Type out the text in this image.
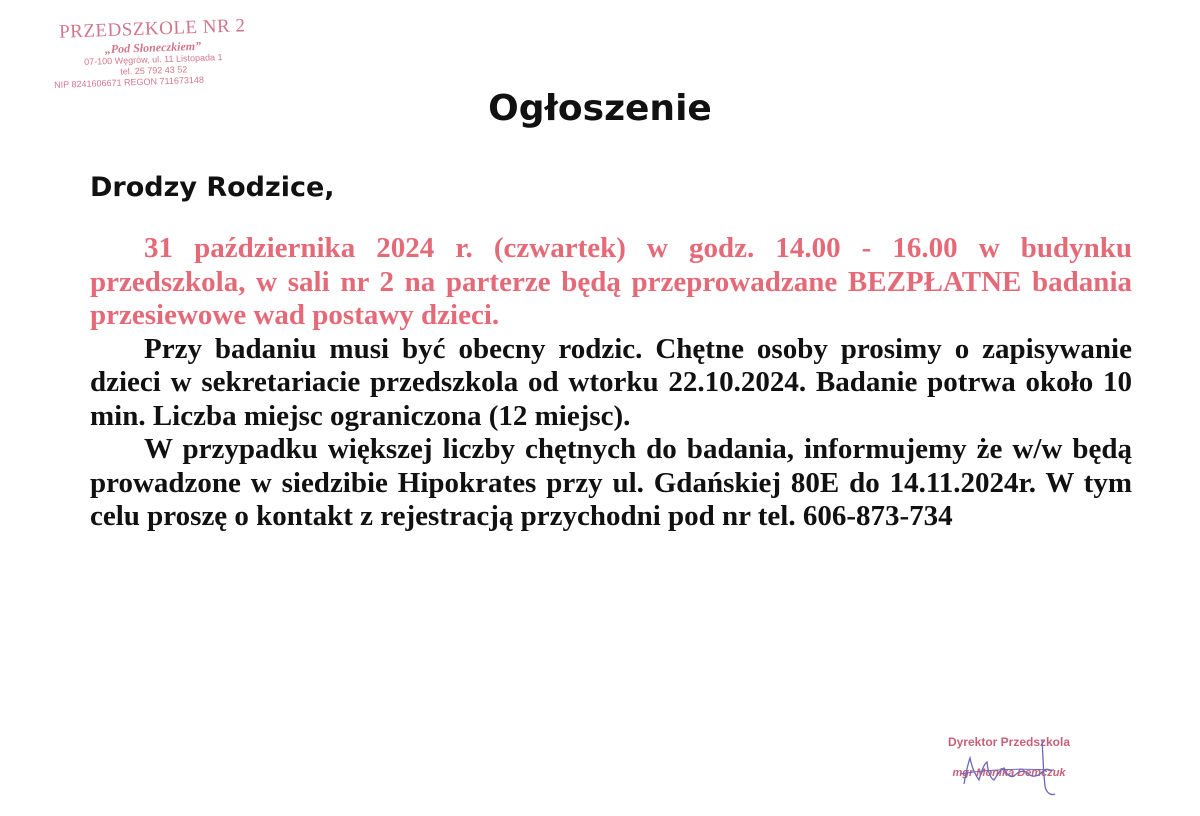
PRZEDSZKOLE NR 2
„Pod Słoneczkiem”
07-100 Węgrów, ul. 11 Listopada 1
tel. 25 792 43 52
NIP 8241606671 REGON 711673148
Ogłoszenie
Drodzy Rodzice,

31 października 2024 r. (czwartek) w godz. 14.00 - 16.00 w budynku przedszkola, w sali nr 2 na parterze będą przeprowadzane BEZPŁATNE badania przesiewowe wad postawy dzieci.

Przy badaniu musi być obecny rodzic. Chętne osoby prosimy o zapisywanie dzieci w sekretariacie przedszkola od wtorku 22.10.2024. Badanie potrwa około 10 min. Liczba miejsc ograniczona (12 miejsc).

W przypadku większej liczby chętnych do badania, informujemy że w/w będą prowadzone w siedzibie Hipokrates przy ul. Gdańskiej 80E do 14.11.2024r. W tym celu proszę o kontakt z rejestracją przychodni pod nr tel. 606-873-734

Dyrektor Przedszkola
mgr Monika Demczuk
